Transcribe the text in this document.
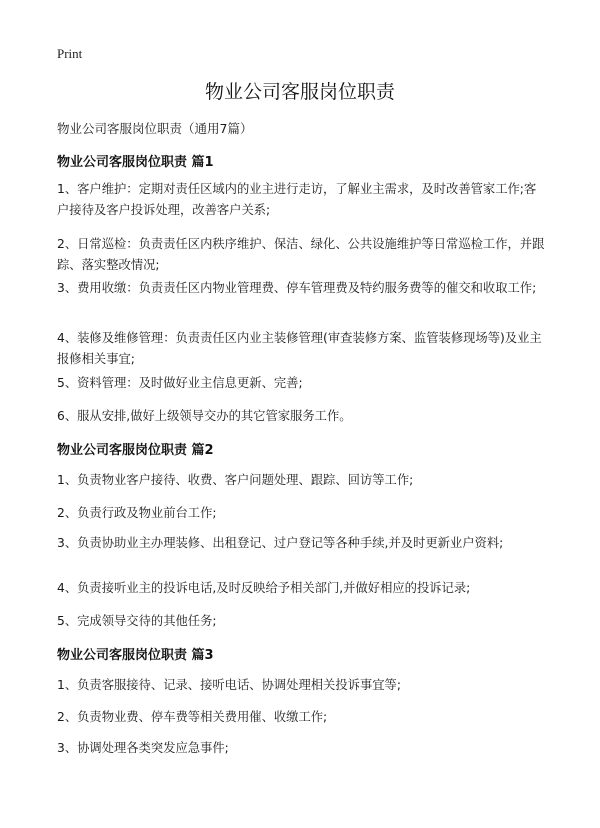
Print
物业公司客服岗位职责
物业公司客服岗位职责（通用7篇）
物业公司客服岗位职责 篇1

1、客户维护：定期对责任区域内的业主进行走访，了解业主需求，及时改善管家工作;客户接待及客户投诉处理，改善客户关系;

2、日常巡检：负责责任区内秩序维护、保洁、绿化、公共设施维护等日常巡检工作，并跟踪、落实整改情况;

3、费用收缴：负责责任区内物业管理费、停车管理费及特约服务费等的催交和收取工作;

4、装修及维修管理：负责责任区内业主装修管理(审查装修方案、监管装修现场等)及业主报修相关事宜;

5、资料管理：及时做好业主信息更新、完善;

6、服从安排,做好上级领导交办的其它管家服务工作。

物业公司客服岗位职责 篇2

1、负责物业客户接待、收费、客户问题处理、跟踪、回访等工作;

2、负责行政及物业前台工作;

3、负责协助业主办理装修、出租登记、过户登记等各种手续,并及时更新业户资料;

4、负责接听业主的投诉电话,及时反映给予相关部门,并做好相应的投诉记录;

5、完成领导交待的其他任务;

物业公司客服岗位职责 篇3

1、负责客服接待、记录、接听电话、协调处理相关投诉事宜等;

2、负责物业费、停车费等相关费用催、收缴工作;

3、协调处理各类突发应急事件;
